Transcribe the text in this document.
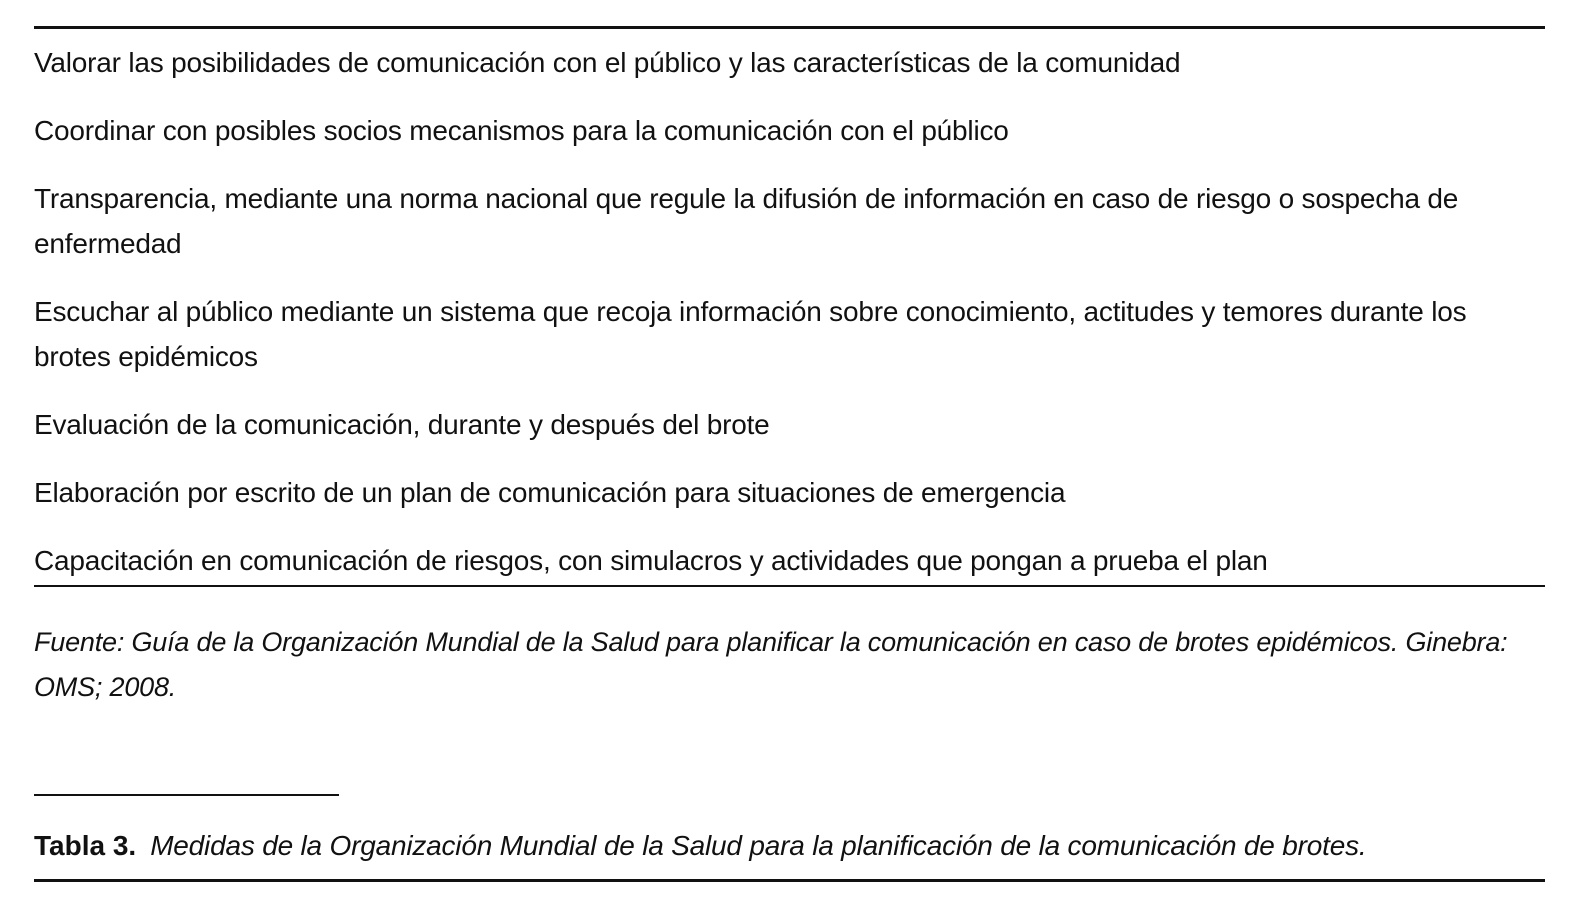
Valorar las posibilidades de comunicación con el público y las características de la comunidad
Coordinar con posibles socios mecanismos para la comunicación con el público
Transparencia, mediante una norma nacional que regule la difusión de información en caso de riesgo o sospecha de enfermedad
Escuchar al público mediante un sistema que recoja información sobre conocimiento, actitudes y temores durante los brotes epidémicos
Evaluación de la comunicación, durante y después del brote
Elaboración por escrito de un plan de comunicación para situaciones de emergencia
Capacitación en comunicación de riesgos, con simulacros y actividades que pongan a prueba el plan
Fuente: Guía de la Organización Mundial de la Salud para planificar la comunicación en caso de brotes epidémicos. Ginebra: OMS; 2008.
Tabla 3. Medidas de la Organización Mundial de la Salud para la planificación de la comunicación de brotes.
